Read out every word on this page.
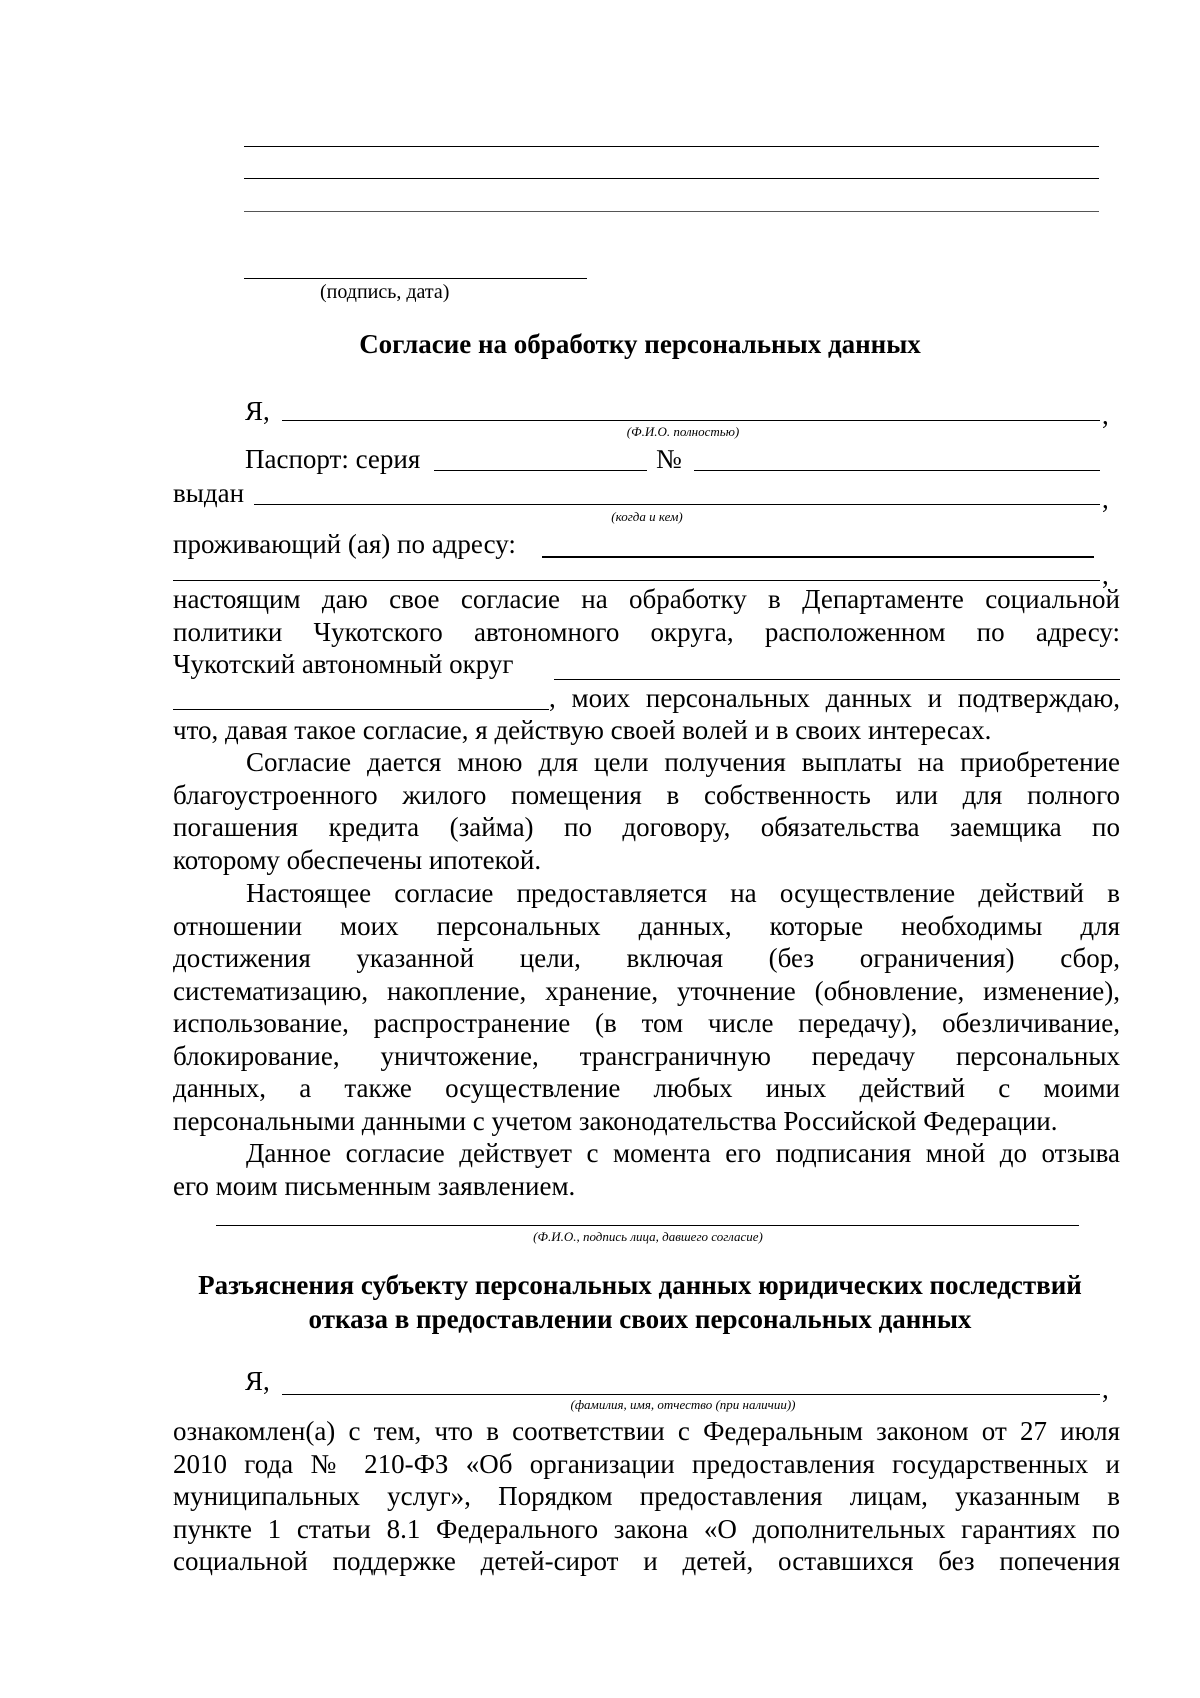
(подпись, дата)
Согласие на обработку персональных данных
Я,	,
(Ф.И.О. полностью)
Паспорт: серия	№
выдан	,
(когда и кем)
проживающий (ая) по адресу:
,
настоящим даю свое согласие на обработку в Департаменте социальной
политики Чукотского автономного округа, расположенном по адресу:
Чукотский автономный округ
, моих персональных данных и подтверждаю,
что, давая такое согласие, я действую своей волей и в своих интересах.
Согласие дается мною для цели получения выплаты на приобретение
благоустроенного жилого помещения в собственность или для полного
погашения кредита (займа) по договору, обязательства заемщика по
которому обеспечены ипотекой.
Настоящее согласие предоставляется на осуществление действий в
отношении моих персональных данных, которые необходимы для
достижения указанной цели, включая (без ограничения) сбор,
систематизацию, накопление, хранение, уточнение (обновление, изменение),
использование, распространение (в том числе передачу), обезличивание,
блокирование, уничтожение, трансграничную передачу персональных
данных, а также осуществление любых иных действий с моими
персональными данными с учетом законодательства Российской Федерации.
Данное согласие действует с момента его подписания мной до отзыва
его моим письменным заявлением.
(Ф.И.О., подпись лица, давшего согласие)
Разъяснения субъекту персональных данных юридических последствий
отказа в предоставлении своих персональных данных
Я,	,
(фамилия, имя, отчество (при наличии))
ознакомлен(а) с тем, что в соответствии с Федеральным законом от 27 июля
2010 года № 210-ФЗ «Об организации предоставления государственных и
муниципальных услуг», Порядком предоставления лицам, указанным в
пункте 1 статьи 8.1 Федерального закона «О дополнительных гарантиях по
социальной поддержке детей-сирот и детей, оставшихся без попечения
